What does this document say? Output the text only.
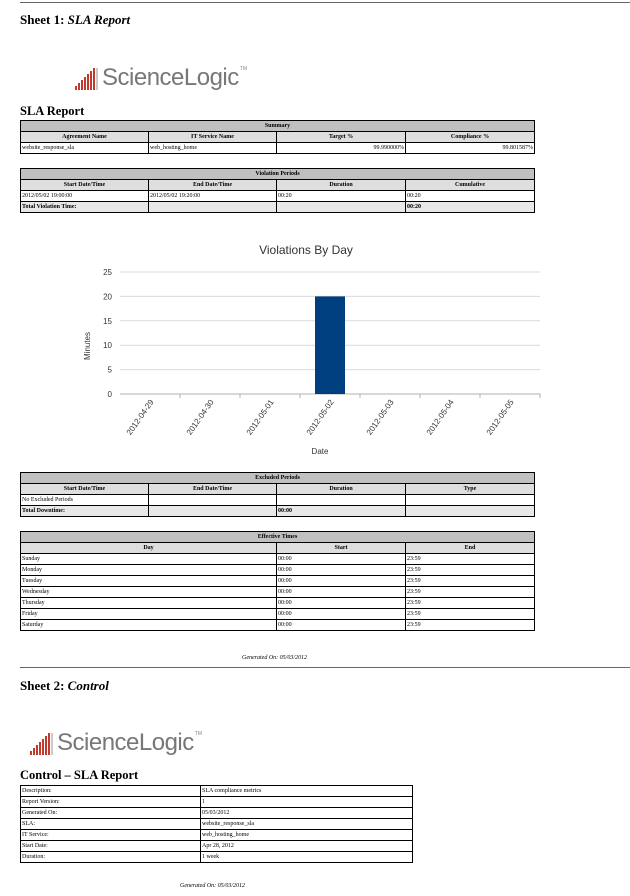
Sheet 1: SLA Report
ScienceLogic TM
SLA Report
Summary			
Agreement Name	IT Service Name	Target %	Compliance %
website_response_sla	web_hosting_home	99.990000%	99.801587%
Violation Periods			
Start Date/Time	End Date/Time	Duration	Cumulative
2012/05/02 19:00:00	2012/05/02 19:20:00	00:20	00:20
Total Violation Time:			00:20
Violations By Day
Minutes
Date
0
5
10
15
20
25
2012-04-29	2012-04-30	2012-05-01	2012-05-02	2012-05-03	2012-05-04	2012-05-05
Excluded Periods			
Start Date/Time	End Date/Time	Duration	Type
No Excluded Periods			
Total Downtime:		00:00	
Effective Times		
Day	Start	End
Sunday	00:00	23:59
Monday	00:00	23:59
Tuesday	00:00	23:59
Wednesday	00:00	23:59
Thursday	00:00	23:59
Friday	00:00	23:59
Saturday	00:00	23:59
Generated On: 05/03/2012
Sheet 2: Control
ScienceLogic TM
Control – SLA Report
Description:	SLA compliance metrics
Report Version:	1
Generated On:	05/03/2012
SLA:	website_response_sla
IT Service:	web_hosting_home
Start Date:	Apr 28, 2012
Duration:	1 week
Generated On: 05/03/2012
